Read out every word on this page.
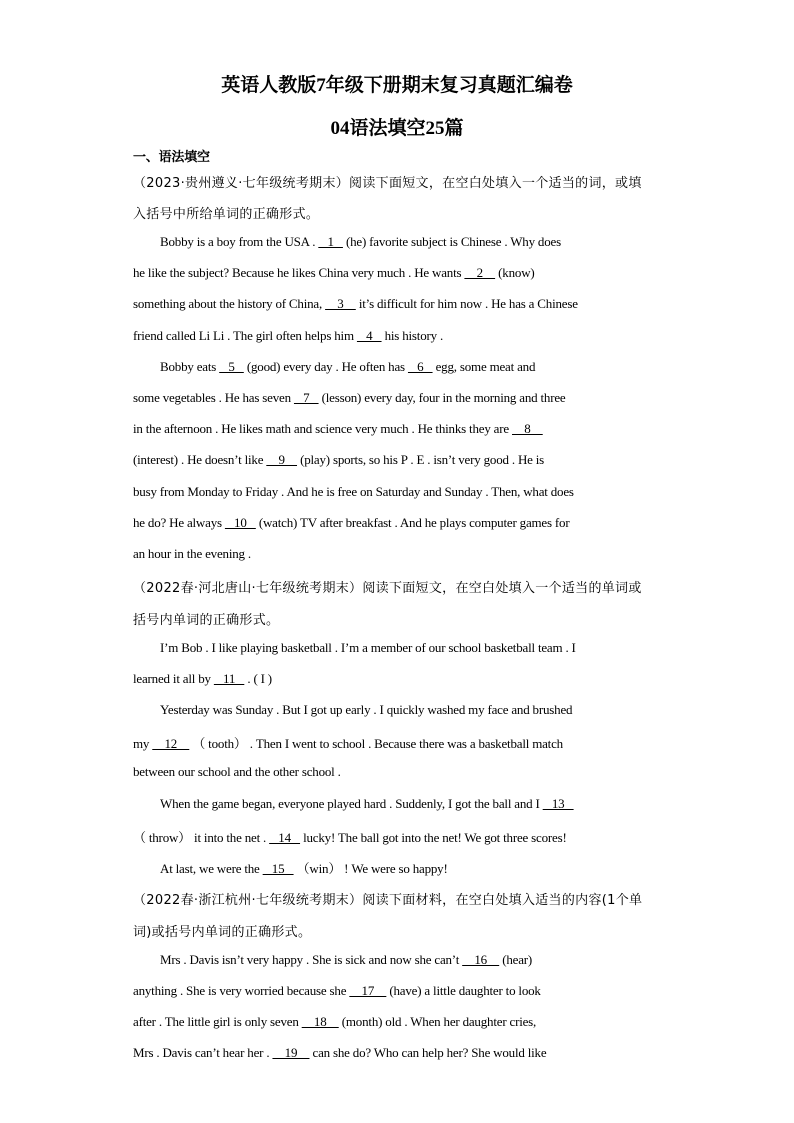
英语人教版7年级下册期末复习真题汇编卷
04语法填空25篇
一、语法填空
（2023·贵州遵义·七年级统考期末）阅读下面短文，在空白处填入一个适当的词，或填
入括号中所给单词的正确形式。
Bobby is a boy from the USA .    1    (he) favorite subject is Chinese . Why does
he like the subject? Because he likes China very much . He wants     2     (know)
something about the history of China,     3     it’s difficult for him now . He has a Chinese
friend called Li Li . The girl often helps him    4    his history .
Bobby eats    5    (good) every day . He often has    6    egg, some meat and
some vegetables . He has seven    7    (lesson) every day, four in the morning and three
in the afternoon . He likes math and science very much . He thinks they are     8
(interest) . He doesn’t like     9     (play) sports, so his P . E . isn’t very good . He is
busy from Monday to Friday . And he is free on Saturday and Sunday . Then, what does
he do? He always    10    (watch) TV after breakfast . And he plays computer games for
an hour in the evening .
（2022春·河北唐山·七年级统考期末）阅读下面短文，在空白处填入一个适当的单词或
括号内单词的正确形式。
I’m Bob . I like playing basketball . I’m a member of our school basketball team . I
learned it all by    11    . ( I )
Yesterday was Sunday . But I got up early . I quickly washed my face and brushed
my     12     （ tooth） . Then I went to school . Because there was a basketball match
between our school and the other school .
When the game began, everyone played hard . Suddenly, I got the ball and I    13
（ throw） it into the net .    14    lucky! The ball got into the net! We got three scores!
At last, we were the    15    （win） ! We were so happy!
（2022春·浙江杭州·七年级统考期末）阅读下面材料，在空白处填入适当的内容(1个单
词)或括号内单词的正确形式。
Mrs . Davis isn’t very happy . She is sick and now she can’t     16     (hear)
anything . She is very worried because she     17     (have) a little daughter to look
after . The little girl is only seven     18     (month) old . When her daughter cries,
Mrs . Davis can’t hear her .     19     can she do? Who can help her? She would like
